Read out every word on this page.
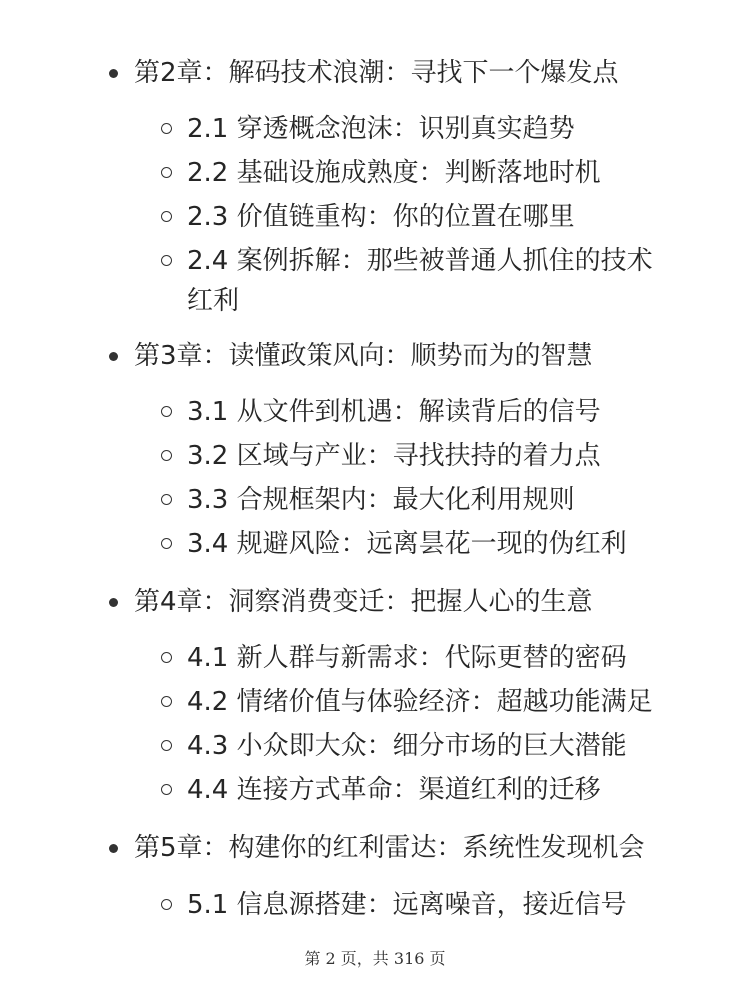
第2章：解码技术浪潮：寻找下一个爆发点
2.1 穿透概念泡沫：识别真实趋势
2.2 基础设施成熟度：判断落地时机
2.3 价值链重构：你的位置在哪里
2.4 案例拆解：那些被普通人抓住的技术红利
第3章：读懂政策风向：顺势而为的智慧
3.1 从文件到机遇：解读背后的信号
3.2 区域与产业：寻找扶持的着力点
3.3 合规框架内：最大化利用规则
3.4 规避风险：远离昙花一现的伪红利
第4章：洞察消费变迁：把握人心的生意
4.1 新人群与新需求：代际更替的密码
4.2 情绪价值与体验经济：超越功能满足
4.3 小众即大众：细分市场的巨大潜能
4.4 连接方式革命：渠道红利的迁移
第5章：构建你的红利雷达：系统性发现机会
5.1 信息源搭建：远离噪音，接近信号
第 2 页，共 316 页
